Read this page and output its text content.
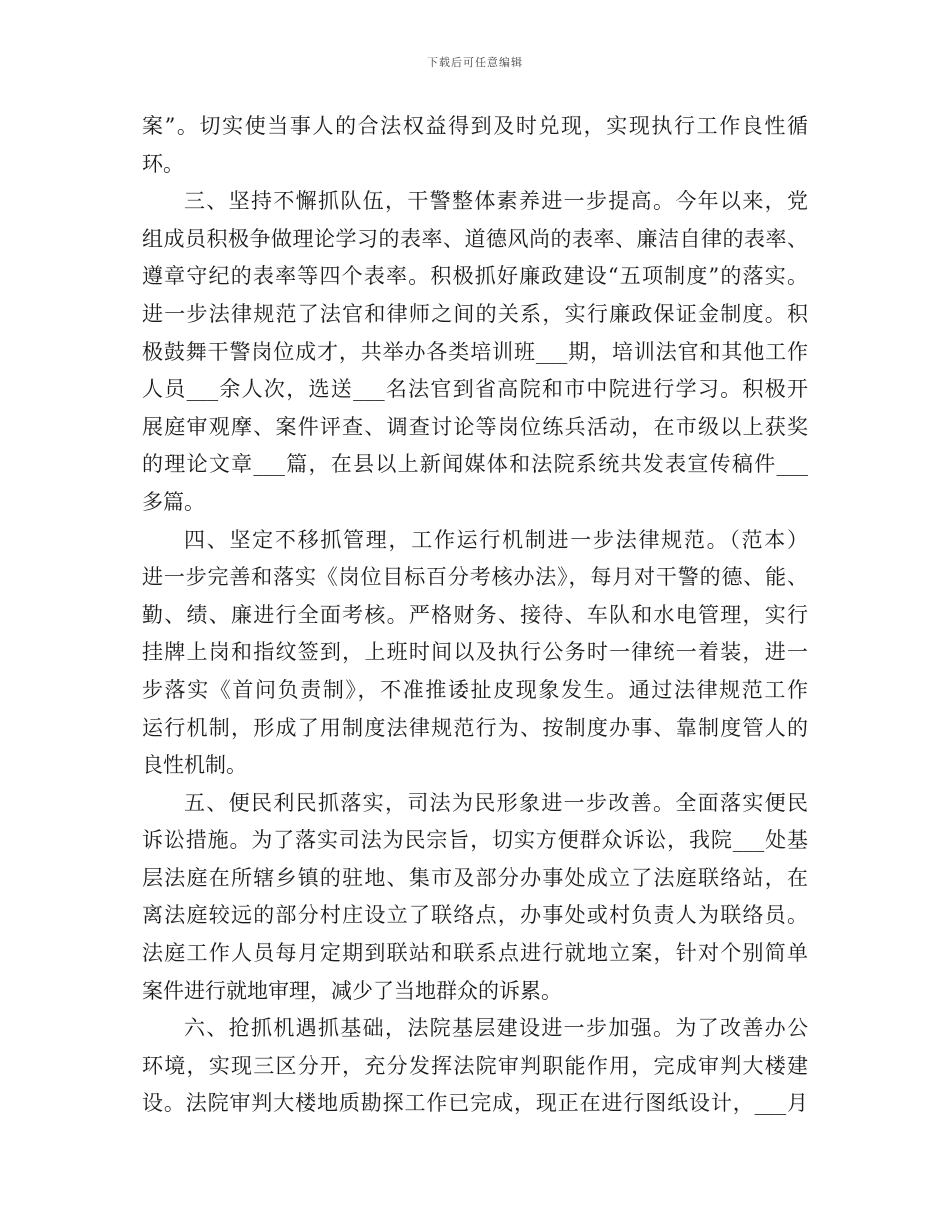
下载后可任意编辑
案”。切实使当事人的合法权益得到及时兑现，实现执行工作良性循
环。
三、坚持不懈抓队伍，干警整体素养进一步提高。今年以来，党
组成员积极争做理论学习的表率、道德风尚的表率、廉洁自律的表率、
遵章守纪的表率等四个表率。积极抓好廉政建设“五项制度”的落实。
进一步法律规范了法官和律师之间的关系，实行廉政保证金制度。积
极鼓舞干警岗位成才，共举办各类培训班___期，培训法官和其他工作
人员___余人次，选送___名法官到省高院和市中院进行学习。积极开
展庭审观摩、案件评查、调查讨论等岗位练兵活动，在市级以上获奖
的理论文章___篇，在县以上新闻媒体和法院系统共发表宣传稿件___
多篇。
四、坚定不移抓管理，工作运行机制进一步法律规范。（范本）
进一步完善和落实《岗位目标百分考核办法》，每月对干警的德、能、
勤、绩、廉进行全面考核。严格财务、接待、车队和水电管理，实行
挂牌上岗和指纹签到，上班时间以及执行公务时一律统一着装，进一
步落实《首问负责制》，不准推诿扯皮现象发生。通过法律规范工作
运行机制，形成了用制度法律规范行为、按制度办事、靠制度管人的
良性机制。
五、便民利民抓落实，司法为民形象进一步改善。全面落实便民
诉讼措施。为了落实司法为民宗旨，切实方便群众诉讼，我院___处基
层法庭在所辖乡镇的驻地、集市及部分办事处成立了法庭联络站，在
离法庭较远的部分村庄设立了联络点，办事处或村负责人为联络员。
法庭工作人员每月定期到联站和联系点进行就地立案，针对个别简单
案件进行就地审理，减少了当地群众的诉累。
六、抢抓机遇抓基础，法院基层建设进一步加强。为了改善办公
环境，实现三区分开，充分发挥法院审判职能作用，完成审判大楼建
设。法院审判大楼地质勘探工作已完成，现正在进行图纸设计，___月
